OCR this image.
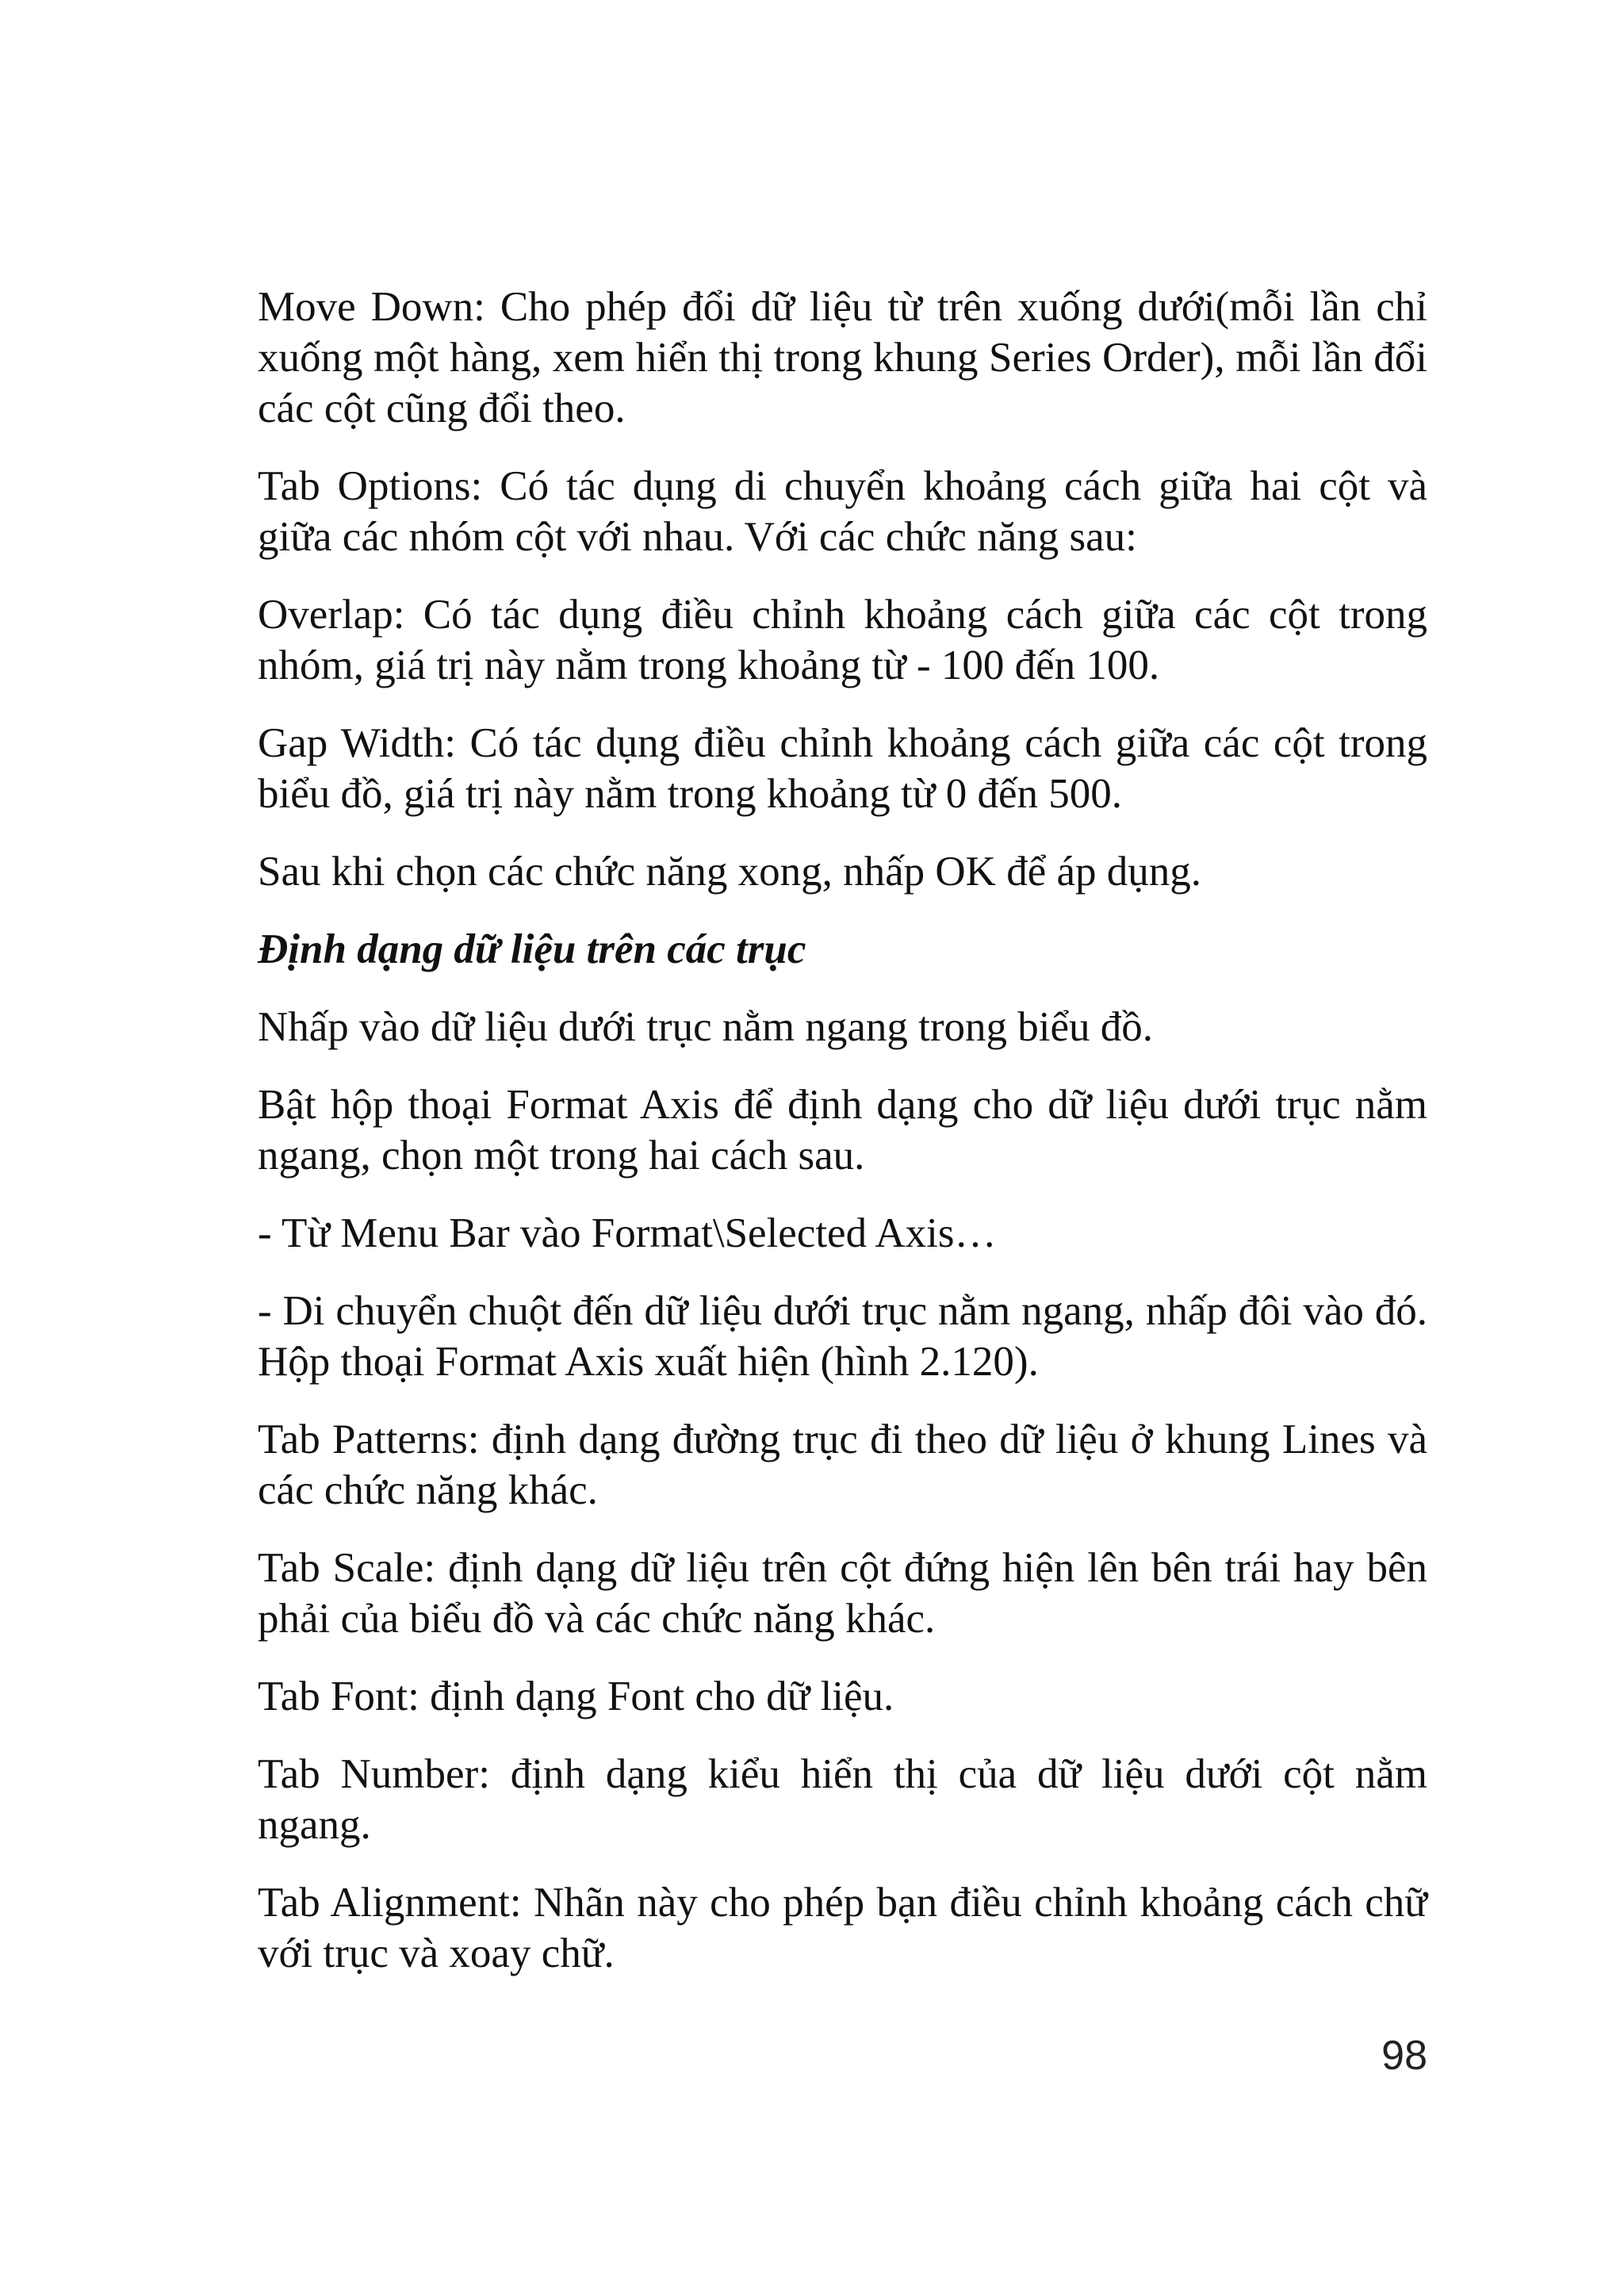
Move Down: Cho phép đổi dữ liệu từ trên xuống dưới(mỗi lần chỉ xuống một hàng, xem hiển thị trong khung Series Order), mỗi lần đổi các cột cũng đổi theo.

Tab Options: Có tác dụng di chuyển khoảng cách giữa hai cột và giữa các nhóm cột với nhau. Với các chức năng sau:

Overlap: Có tác dụng điều chỉnh khoảng cách giữa các cột trong nhóm, giá trị này nằm trong khoảng từ - 100 đến 100.

Gap Width: Có tác dụng điều chỉnh khoảng cách giữa các cột trong biểu đồ, giá trị này nằm trong khoảng từ 0 đến 500.

Sau khi chọn các chức năng xong, nhấp OK để áp dụng.

Định dạng dữ liệu trên các trục

Nhấp vào dữ liệu dưới trục nằm ngang trong biểu đồ.

Bật hộp thoại Format Axis để định dạng cho dữ liệu dưới trục nằm ngang, chọn một trong hai cách sau.

- Từ Menu Bar vào Format\Selected Axis…

- Di chuyển chuột đến dữ liệu dưới trục nằm ngang, nhấp đôi vào đó. Hộp thoại Format Axis xuất hiện (hình 2.120).

Tab Patterns: định dạng đường trục đi theo dữ liệu ở khung Lines và các chức năng khác.

Tab Scale: định dạng dữ liệu trên cột đứng hiện lên bên trái hay bên phải của biểu đồ và các chức năng khác.

Tab Font: định dạng Font cho dữ liệu.

Tab Number: định dạng kiểu hiển thị của dữ liệu dưới cột nằm ngang.

Tab Alignment: Nhãn này cho phép bạn điều chỉnh khoảng cách chữ với trục và xoay chữ.

98
